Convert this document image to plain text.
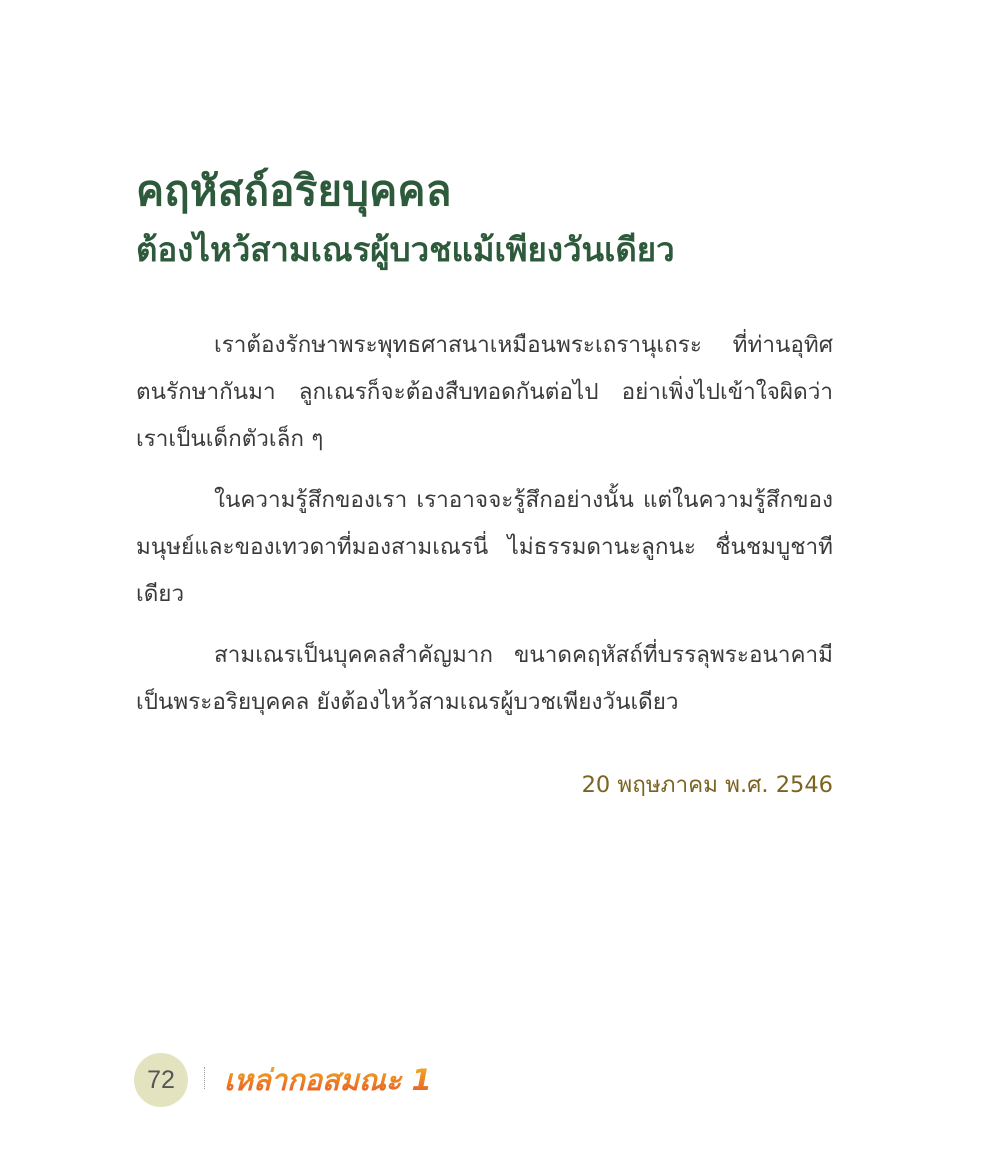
คฤหัสถ์อริยบุคคล
ต้องไหว้สามเณรผู้บวชแม้เพียงวันเดียว

เราต้องรักษาพระพุทธศาสนาเหมือนพระเถรานุเถระ ที่ท่านอุทิศตนรักษากันมา ลูกเณรก็จะต้องสืบทอดกันต่อไป อย่าเพิ่งไปเข้าใจผิดว่าเราเป็นเด็กตัวเล็ก ๆ

ในความรู้สึกของเรา เราอาจจะรู้สึกอย่างนั้น แต่ในความรู้สึกของมนุษย์และของเทวดาที่มองสามเณรนี่ ไม่ธรรมดานะลูกนะ ชื่นชมบูชาทีเดียว

สามเณรเป็นบุคคลสำคัญมาก ขนาดคฤหัสถ์ที่บรรลุพระอนาคามีเป็นพระอริยบุคคล ยังต้องไหว้สามเณรผู้บวชเพียงวันเดียว

20 พฤษภาคม พ.ศ. 2546

72 เหล่ากอสมณะ 1
